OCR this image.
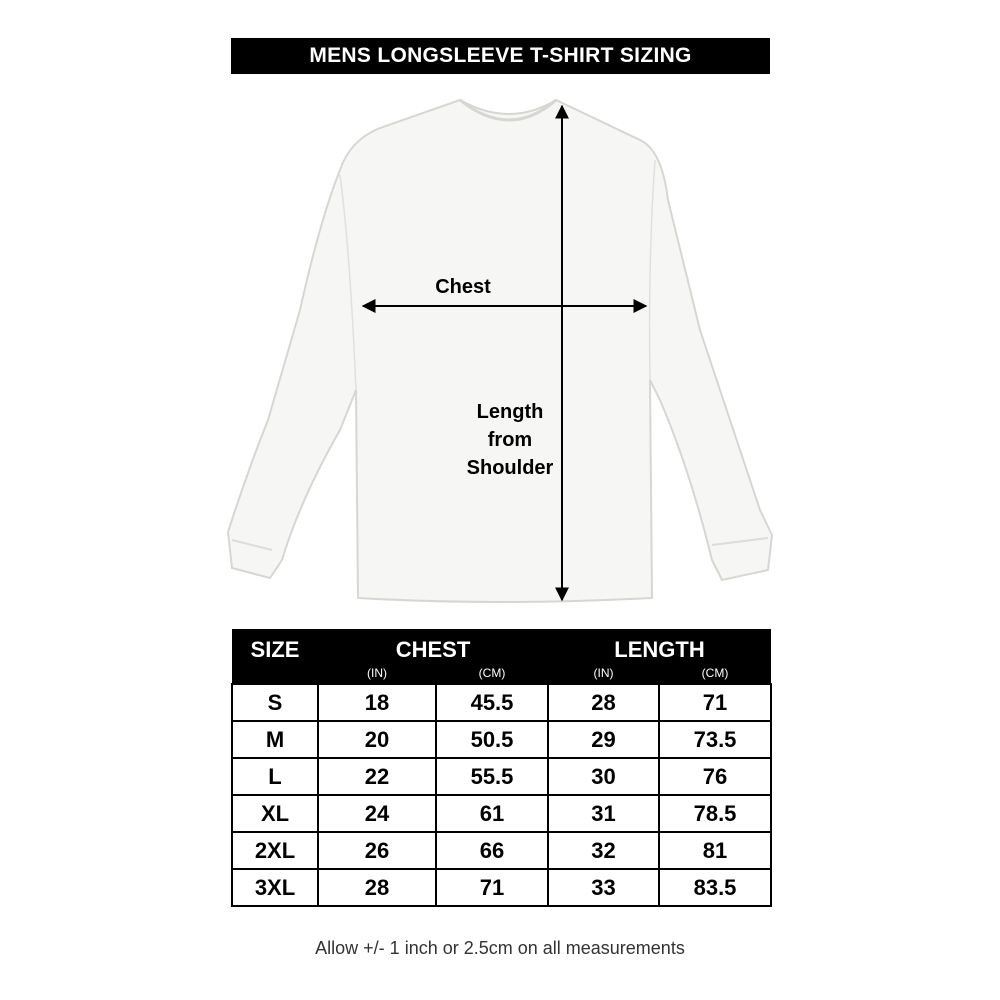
MENS LONGSLEEVE T-SHIRT SIZING
Chest
Length
from
Shoulder
SIZE	CHEST		LENGTH	
	(IN)	(CM)	(IN)	(CM)
S	18	45.5	28	71
M	20	50.5	29	73.5
L	22	55.5	30	76
XL	24	61	31	78.5
2XL	26	66	32	81
3XL	28	71	33	83.5
Allow +/- 1 inch or 2.5cm on all measurements
